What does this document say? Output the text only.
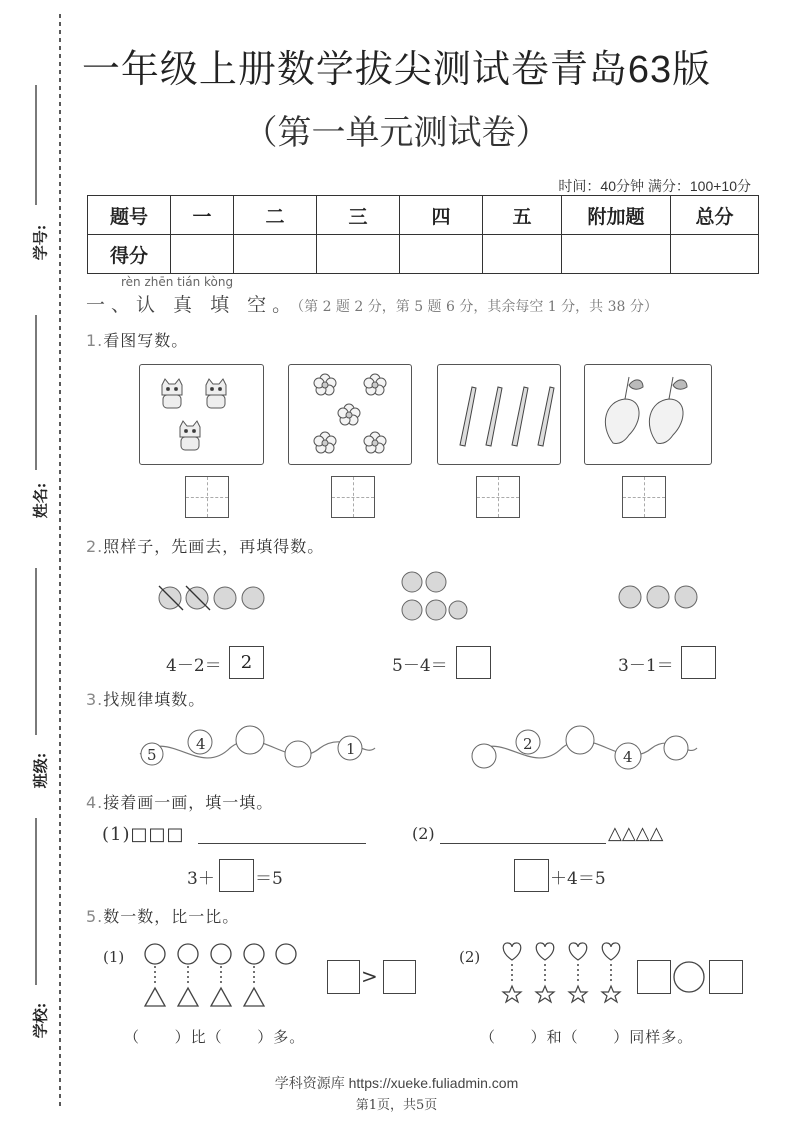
学号:
姓名:
班级:
学校:
一年级上册数学拔尖测试卷青岛63版
（第一单元测试卷）
时间：40分钟 满分：100+10分
题号	一	二	三	四	五	附加题	总分
得分							
rèn zhēn tián kòng
一、认 真 填 空。（第 2 题 2 分，第 5 题 6 分，其余每空 1 分，共 38 分）
1.看图写数。
2.照样子，先画去，再填得数。
4－2＝	2	5－4＝	3－1＝
3.找规律填数。
5
4	1	2
4
4.接着画一画，填一填。
(1)□□□	(2)	△△△△
3＋ ＝5	＋4＝5
5.数一数，比一比。
(1)
>
(2)
（      ）比（      ）多。	（      ）和（      ）同样多。
学科资源库 https://xueke.fuliadmin.com
第1页，共5页
